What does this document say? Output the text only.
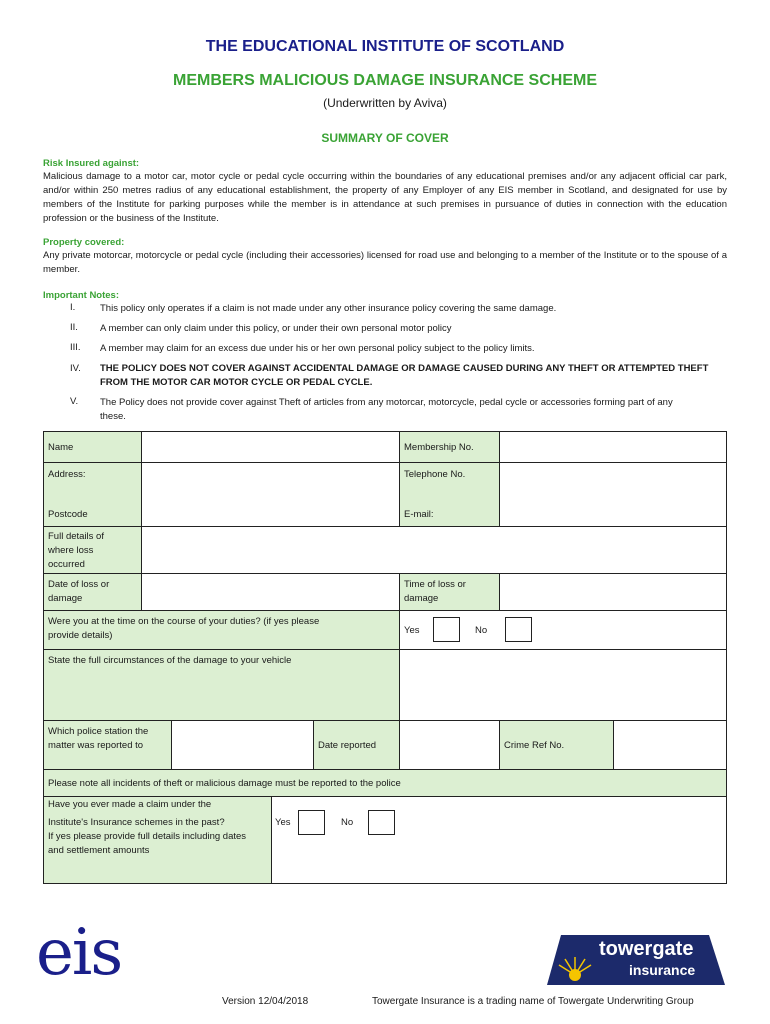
THE EDUCATIONAL INSTITUTE OF SCOTLAND
MEMBERS MALICIOUS DAMAGE INSURANCE SCHEME
(Underwritten by Aviva)
SUMMARY OF COVER
Risk Insured against:
Malicious damage to a motor car, motor cycle or pedal cycle occurring within the boundaries of any educational premises and/or any adjacent official car park, and/or within 250 metres radius of any educational establishment, the property of any Employer of any EIS member in Scotland, and designated for use by members of the Institute for parking purposes while the member is in attendance at such premises in pursuance of duties in connection with the education profession or the business of the Institute.
Property covered:
Any private motorcar, motorcycle or pedal cycle (including their accessories) licensed for road use and belonging to a member of the Institute or to the spouse of a member.
Important Notes:
I.	This policy only operates if a claim is not made under any other insurance policy covering the same damage.
II. A member can only claim under this policy, or under their own personal motor policy
III. A member may claim for an excess due under his or her own personal policy subject to the policy limits.
IV. THE POLICY DOES NOT COVER AGAINST ACCIDENTAL DAMAGE OR DAMAGE CAUSED DURING ANY THEFT OR ATTEMPTED THEFT FROM THE MOTOR CAR MOTOR CYCLE OR PEDAL CYCLE.
V. The Policy does not provide cover against Theft of articles from any motorcar, motorcycle, pedal cycle or accessories forming part of any these.
Name	Membership No.
Address:
Postcode
Telephone No.
E-mail:
Full details of where loss occurred
Date of loss or damage
Time of loss or damage
Were you at the time on the course of your duties? (if yes please provide details)	Yes	No
State the full circumstances of the damage to your vehicle
Which police station the matter was reported to	Date reported	Crime Ref No.
Please note all incidents of theft or malicious damage must be reported to the police
Have you ever made a claim under the
Institute's Insurance schemes in the past?
If yes please provide full details including dates and settlement amounts
Yes	No
eis	towergate
insurance
Version 12/04/2018	Towergate Insurance is a trading name of Towergate Underwriting Group
